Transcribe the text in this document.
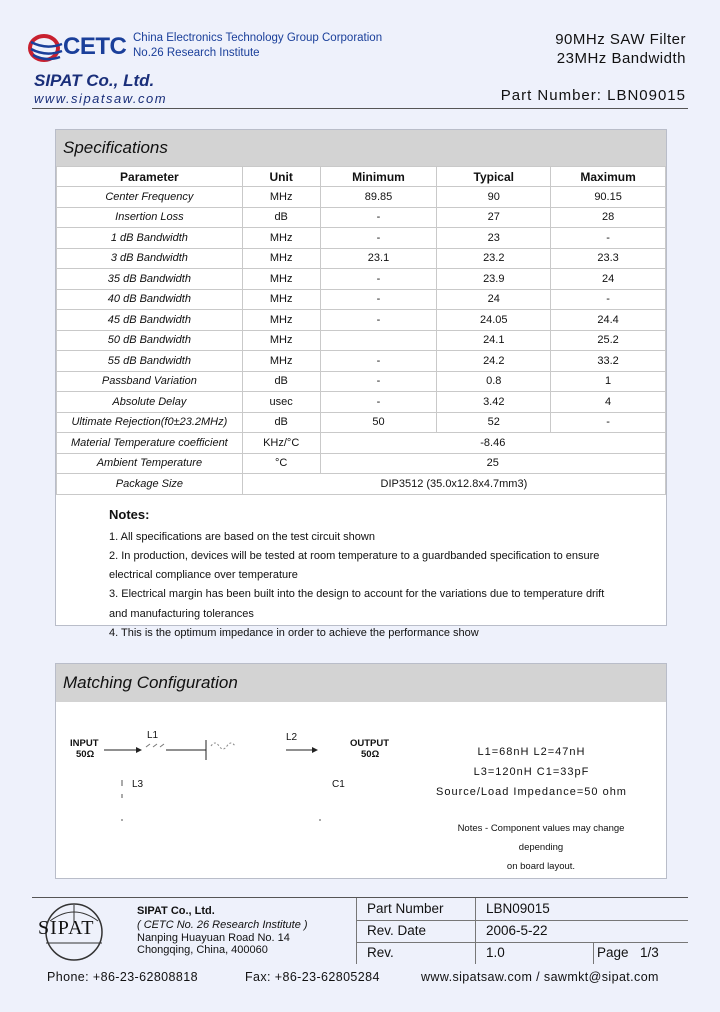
CETC China Electronics Technology Group Corporation
No.26 Research Institute
90MHz SAW Filter
23MHz Bandwidth
SIPAT Co., Ltd.
www.sipatsaw.com	Part Number: LBN09015
Specifications
Parameter	Unit	Minimum	Typical	Maximum
Center Frequency	MHz	89.85	90	90.15
Insertion Loss	dB	-	27	28
1 dB Bandwidth	MHz	-	23	-
3 dB Bandwidth	MHz	23.1	23.2	23.3
35 dB Bandwidth	MHz	-	23.9	24
40 dB Bandwidth	MHz	-	24	-
45 dB Bandwidth	MHz	-	24.05	24.4
50 dB Bandwidth	MHz		24.1	25.2
55 dB Bandwidth	MHz	-	24.2	33.2
Passband Variation	dB	-	0.8	1
Absolute Delay	usec	-	3.42	4
Ultimate Rejection(f0±23.2MHz)	dB	50	52	-
Material Temperature coefficient	KHz/°C	-8.46		
Ambient Temperature	°C	25		
Package Size	DIP3512 (35.0x12.8x4.7mm3)			
Notes:
1. All specifications are based on the test circuit shown
2. In production, devices will be tested at room temperature to a guardbanded specification to ensure
electrical compliance over temperature
3. Electrical margin has been built into the design to account for the variations due to temperature drift
and manufacturing tolerances
4. This is the optimum impedance in order to achieve the performance show
Matching Configuration
INPUT
50Ω
L1	L2
OUTPUT
50Ω
L3	C1
L1=68nH L2=47nH
L3=120nH C1=33pF
Source/Load Impedance=50 ohm
Notes - Component values may change depending
on board layout.
SIPAT
SIPAT Co., Ltd.
( CETC No. 26 Research Institute )
Nanping Huayuan Road No. 14
Chongqing, China, 400060
Part Number	LBN09015
Rev. Date	2006-5-22
Rev.	1.0	Page 1/3
Phone: +86-23-62808818	Fax: +86-23-62805284	www.sipatsaw.com / sawmkt@sipat.com
